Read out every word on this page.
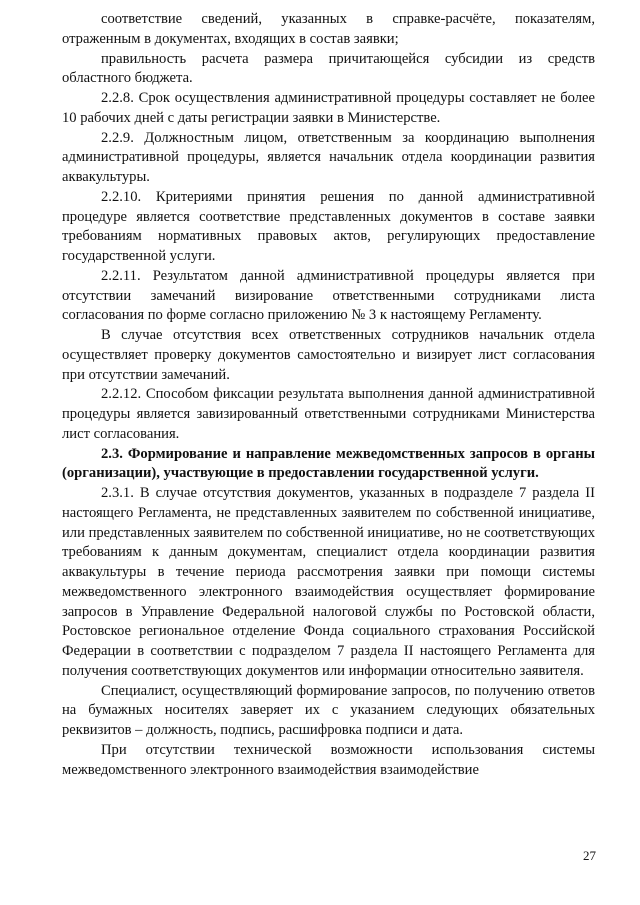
соответствие сведений, указанных в справке-расчёте, показателям, отраженным в документах, входящих в состав заявки;

правильность расчета размера причитающейся субсидии из средств областного бюджета.

2.2.8. Срок осуществления административной процедуры составляет не более 10 рабочих дней с даты регистрации заявки в Министерстве.

2.2.9. Должностным лицом, ответственным за координацию выполнения административной процедуры, является начальник отдела координации развития аквакультуры.

2.2.10. Критериями принятия решения по данной административной процедуре является соответствие представленных документов в составе заявки требованиям нормативных правовых актов, регулирующих предоставление государственной услуги.

2.2.11. Результатом данной административной процедуры является при отсутствии замечаний визирование ответственными сотрудниками листа согласования по форме согласно приложению № 3 к настоящему Регламенту.

В случае отсутствия всех ответственных сотрудников начальник отдела осуществляет проверку документов самостоятельно и визирует лист согласования при отсутствии замечаний.

2.2.12. Способом фиксации результата выполнения данной административной процедуры является завизированный ответственными сотрудниками Министерства лист согласования.

2.3. Формирование и направление межведомственных запросов в органы (организации), участвующие в предоставлении государственной услуги.

2.3.1. В случае отсутствия документов, указанных в подразделе 7 раздела II настоящего Регламента, не представленных заявителем по собственной инициативе, или представленных заявителем по собственной инициативе, но не соответствующих требованиям к данным документам, специалист отдела координации развития аквакультуры в течение периода рассмотрения заявки при помощи системы межведомственного электронного взаимодействия осуществляет формирование запросов в Управление Федеральной налоговой службы по Ростовской области, Ростовское региональное отделение Фонда социального страхования Российской Федерации в соответствии с подразделом 7 раздела II настоящего Регламента для получения соответствующих документов или информации относительно заявителя.

Специалист, осуществляющий формирование запросов, по получению ответов на бумажных носителях заверяет их с указанием следующих обязательных реквизитов – должность, подпись, расшифровка подписи и дата.

При отсутствии технической возможности использования системы межведомственного электронного взаимодействия взаимодействие

27
